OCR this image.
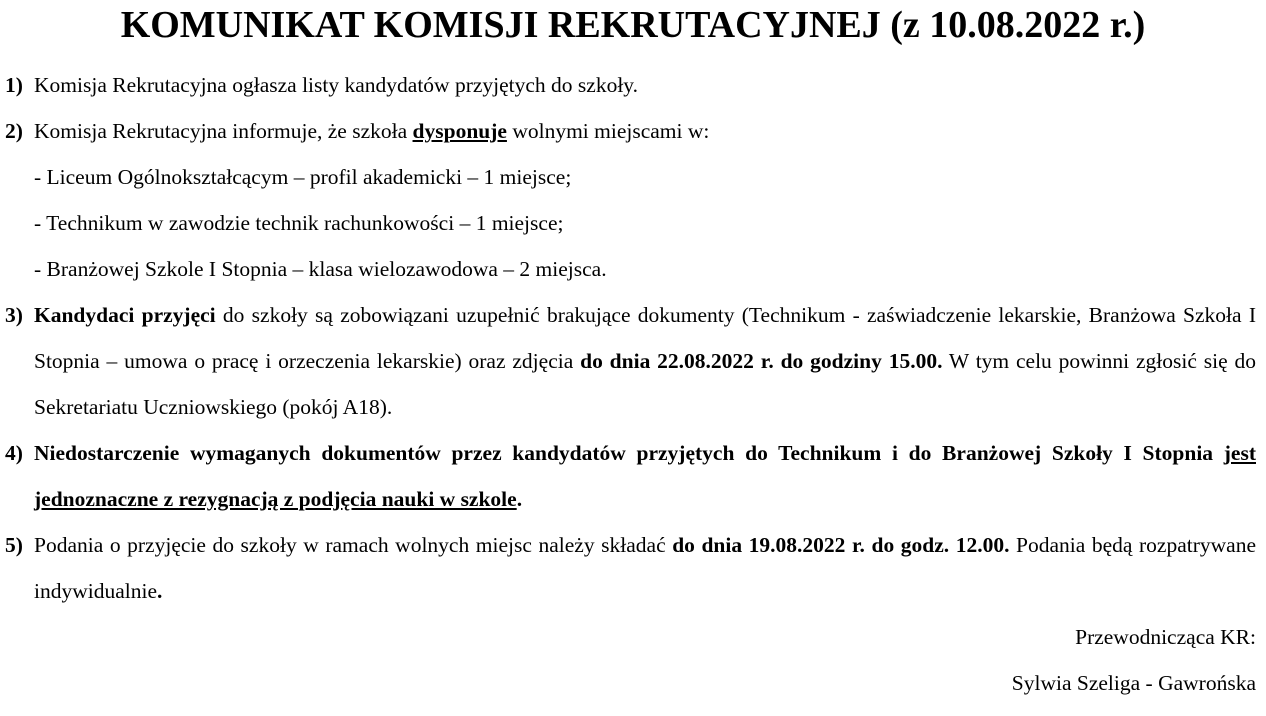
KOMUNIKAT KOMISJI REKRUTACYJNEJ (z 10.08.2022 r.)
1) Komisja Rekrutacyjna ogłasza listy kandydatów przyjętych do szkoły.
2) Komisja Rekrutacyjna informuje, że szkoła dysponuje wolnymi miejscami w:
- Liceum Ogólnokształcącym – profil akademicki – 1 miejsce;
- Technikum w zawodzie technik rachunkowości – 1 miejsce;
- Branżowej Szkole I Stopnia – klasa wielozawodowa – 2 miejsca.
3) Kandydaci przyjęci do szkoły są zobowiązani uzupełnić brakujące dokumenty (Technikum - zaświadczenie lekarskie, Branżowa Szkoła I Stopnia – umowa o pracę i orzeczenia lekarskie) oraz zdjęcia do dnia 22.08.2022 r. do godziny 15.00. W tym celu powinni zgłosić się do Sekretariatu Uczniowskiego (pokój A18).
4) Niedostarczenie wymaganych dokumentów przez kandydatów przyjętych do Technikum i do Branżowej Szkoły I Stopnia jest jednoznaczne z rezygnacją z podjęcia nauki w szkole.
5) Podania o przyjęcie do szkoły w ramach wolnych miejsc należy składać do dnia 19.08.2022 r. do godz. 12.00. Podania będą rozpatrywane indywidualnie.
Przewodnicząca KR:
Sylwia Szeliga - Gawrońska
